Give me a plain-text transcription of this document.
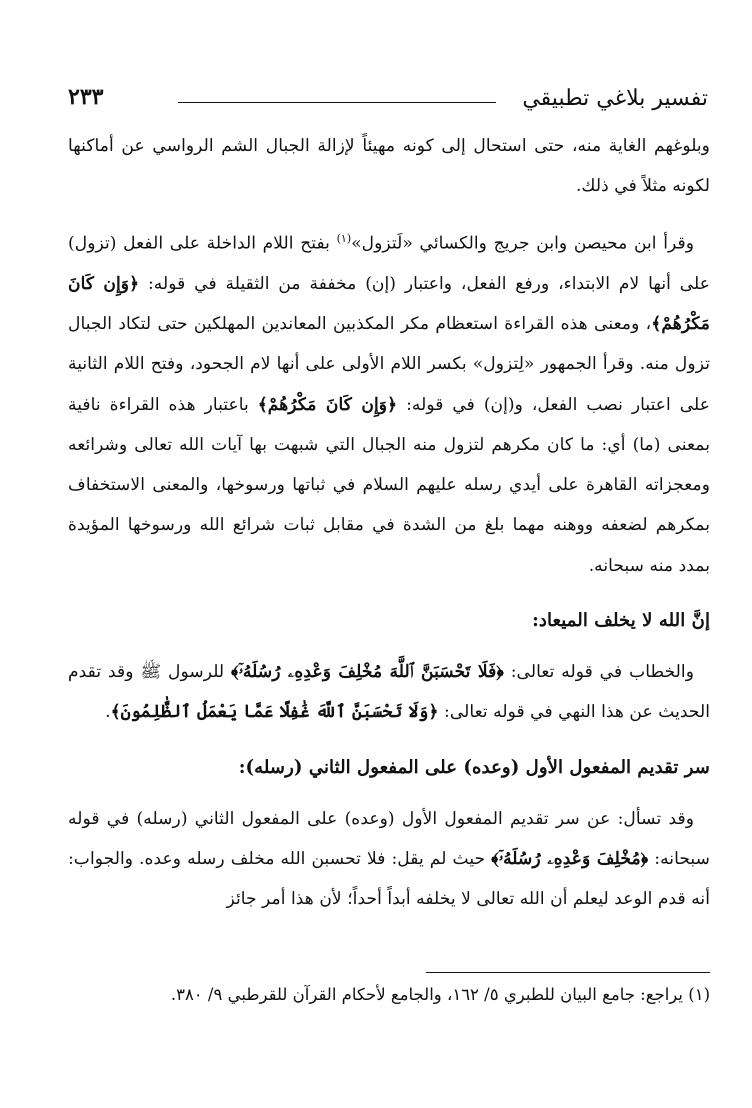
تفسير بلاغي تطبيقي
٢٣٣

وبلوغهم الغاية منه، حتى استحال إلى كونه مهيئاً لإزالة الجبال الشم الرواسي عن أماكنها لكونه مثلاً في ذلك.

وقرأ ابن محيصن وابن جريج والكسائي «لَتزول»$^{(١)}$ بفتح اللام الداخلة على الفعل (تزول) على أنها لام الابتداء، ورفع الفعل، واعتبار (إن) مخففة من الثقيلة في قوله: ﴿وَإِن كَانَ مَكْرُهُمْ﴾، ومعنى هذه القراءة استعظام مكر المكذبين المعاندين المهلكين حتى لتكاد الجبال تزول منه. وقرأ الجمهور «لِتزول» بكسر اللام الأولى على أنها لام الجحود، وفتح اللام الثانية على اعتبار نصب الفعل، و(إن) في قوله: ﴿وَإِن كَانَ مَكْرُهُمْ﴾ باعتبار هذه القراءة نافية بمعنى (ما) أي: ما كان مكرهم لتزول منه الجبال التي شبهت بها آيات الله تعالى وشرائعه ومعجزاته القاهرة على أيدي رسله عليهم السلام في ثباتها ورسوخها، والمعنى الاستخفاف بمكرهم لضعفه ووهنه مهما بلغ من الشدة في مقابل ثبات شرائع الله ورسوخها المؤيدة بمدد منه سبحانه.

إنَّ الله لا يخلف الميعاد:

والخطاب في قوله تعالى: ﴿فَلَا تَحْسَبَنَّ ٱللَّهَ مُخْلِفَ وَعْدِهِۦ رُسُلَهُۥٓ﴾ للرسول ﷺ وقد تقدم الحديث عن هذا النهي في قوله تعالى: ﴿وَلَا تَحْسَبَنَّ ٱللَّهَ غَٰفِلًا عَمَّا يَعْمَلُ ٱلظَّٰلِمُونَ﴾.

سر تقديم المفعول الأول (وعده) على المفعول الثاني (رسله):

وقد تسأل: عن سر تقديم المفعول الأول (وعده) على المفعول الثاني (رسله) في قوله سبحانه: ﴿مُخْلِفَ وَعْدِهِۦ رُسُلَهُۥٓ﴾ حيث لم يقل: فلا تحسبن الله مخلف رسله وعده. والجواب: أنه قدم الوعد ليعلم أن الله تعالى لا يخلفه أبداً أحداً؛ لأن هذا أمر جائز

(١) يراجع: جامع البيان للطبري ٥/ ١٦٢، والجامع لأحكام القرآن للقرطبي ٩/ ٣٨٠.
